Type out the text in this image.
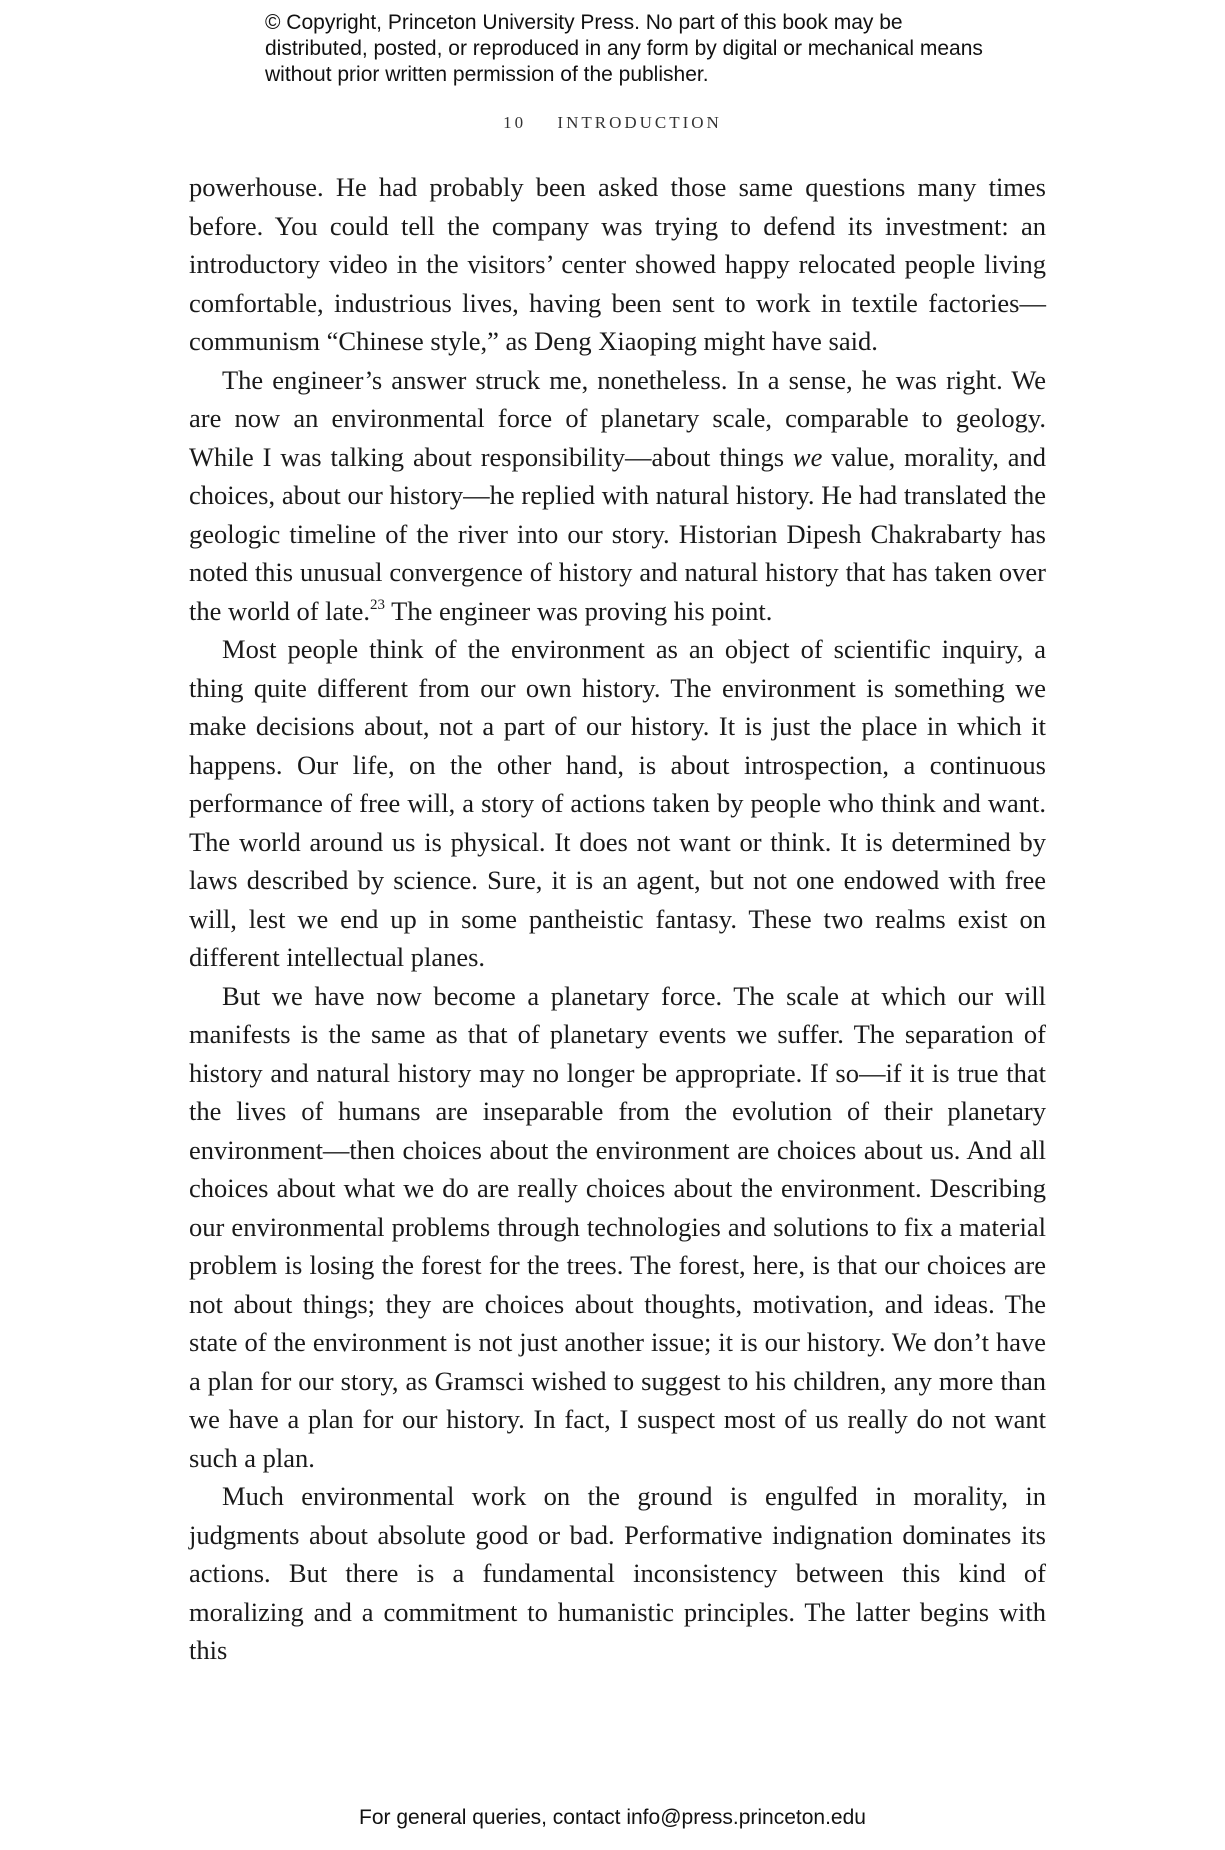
© Copyright, Princeton University Press. No part of this book may be distributed, posted, or reproduced in any form by digital or mechanical means without prior written permission of the publisher.
10 INTRODUCTION

powerhouse. He had probably been asked those same questions many times before. You could tell the company was trying to defend its investment: an introductory video in the visitors’ center showed happy relocated people living comfortable, industrious lives, having been sent to work in textile factories—communism “Chinese style,” as Deng Xiaoping might have said.

The engineer’s answer struck me, nonetheless. In a sense, he was right. We are now an environmental force of planetary scale, comparable to geology. While I was talking about responsibility—about things we value, morality, and choices, about our history—he replied with natural history. He had translated the geologic timeline of the river into our story. Historian Dipesh Chakrabarty has noted this unusual convergence of history and natural history that has taken over the world of late.$^{23}$ The engineer was proving his point.

Most people think of the environment as an object of scientific inquiry, a thing quite different from our own history. The environment is something we make decisions about, not a part of our history. It is just the place in which it happens. Our life, on the other hand, is about introspection, a continuous performance of free will, a story of actions taken by people who think and want. The world around us is physical. It does not want or think. It is determined by laws described by science. Sure, it is an agent, but not one endowed with free will, lest we end up in some pantheistic fantasy. These two realms exist on different intellectual planes.

But we have now become a planetary force. The scale at which our will manifests is the same as that of planetary events we suffer. The separation of history and natural history may no longer be appropriate. If so—if it is true that the lives of humans are inseparable from the evolution of their planetary environment—then choices about the environment are choices about us. And all choices about what we do are really choices about the environment. Describing our environmental problems through technologies and solutions to fix a material problem is losing the forest for the trees. The forest, here, is that our choices are not about things; they are choices about thoughts, motivation, and ideas. The state of the environment is not just another issue; it is our history. We don’t have a plan for our story, as Gramsci wished to suggest to his children, any more than we have a plan for our history. In fact, I suspect most of us really do not want such a plan.

Much environmental work on the ground is engulfed in morality, in judgments about absolute good or bad. Performative indignation dominates its actions. But there is a fundamental inconsistency between this kind of moralizing and a commitment to humanistic principles. The latter begins with this

For general queries, contact info@press.princeton.edu
